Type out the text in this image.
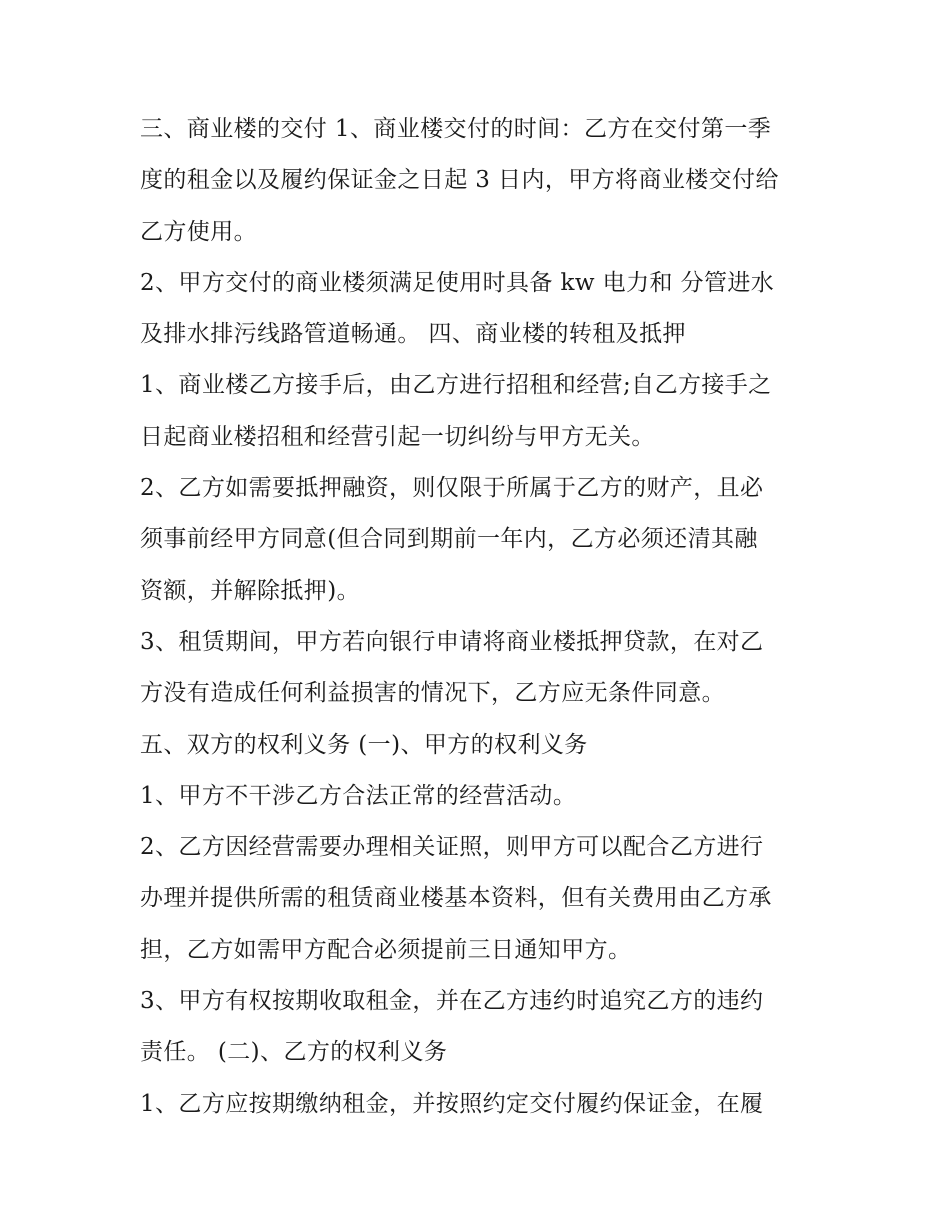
三、商业楼的交付 1、商业楼交付的时间：乙方在交付第一季
度的租金以及履约保证金之日起 3 日内，甲方将商业楼交付给
乙方使用。
2、甲方交付的商业楼须满足使用时具备 kw 电力和 分管进水
及排水排污线路管道畅通。 四、商业楼的转租及抵押
1、商业楼乙方接手后，由乙方进行招租和经营;自乙方接手之
日起商业楼招租和经营引起一切纠纷与甲方无关。
2、乙方如需要抵押融资，则仅限于所属于乙方的财产，且必
须事前经甲方同意(但合同到期前一年内，乙方必须还清其融
资额，并解除抵押)。
3、租赁期间，甲方若向银行申请将商业楼抵押贷款，在对乙
方没有造成任何利益损害的情况下，乙方应无条件同意。
五、双方的权利义务 (一)、甲方的权利义务
1、甲方不干涉乙方合法正常的经营活动。
2、乙方因经营需要办理相关证照，则甲方可以配合乙方进行
办理并提供所需的租赁商业楼基本资料，但有关费用由乙方承
担，乙方如需甲方配合必须提前三日通知甲方。
3、甲方有权按期收取租金，并在乙方违约时追究乙方的违约
责任。 (二)、乙方的权利义务
1、乙方应按期缴纳租金，并按照约定交付履约保证金，在履
